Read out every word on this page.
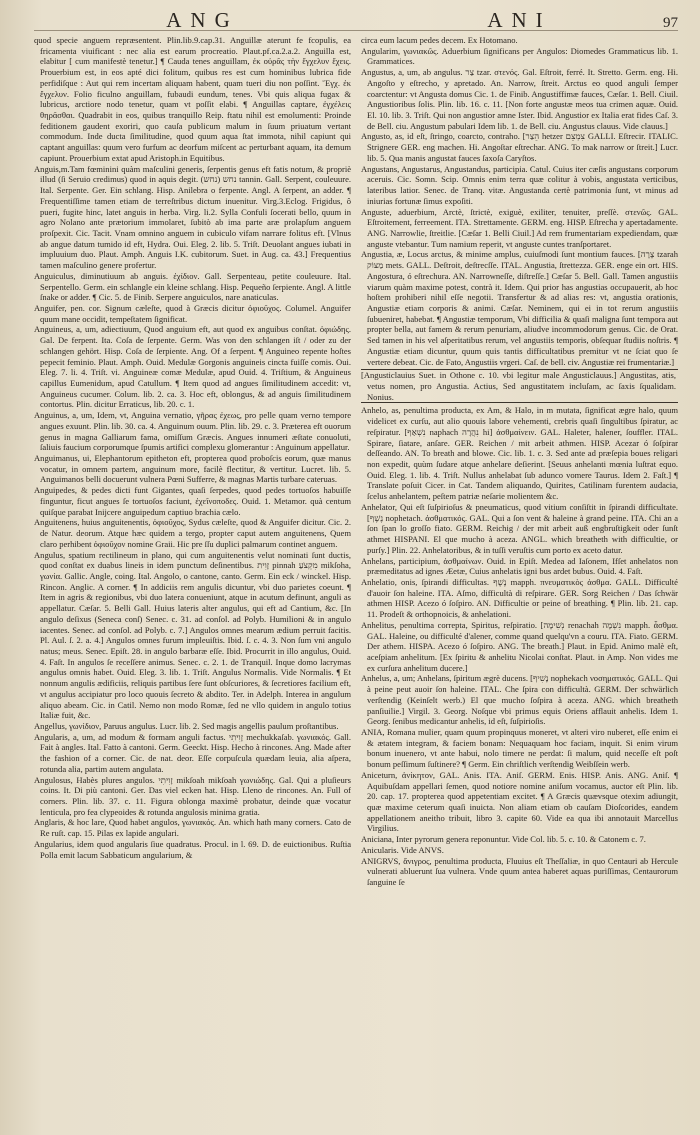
ANG	ANI	97

quod specie anguem repræsentent. Plin.lib.9.cap.31. Anguillæ aterunt fe fcopulis, ea fricamenta viuificant : nec alia est earum procreatio. Plaut.pf.ca.2.a.2. Anguilla est, elabitur [ cum manifestè tenetur.] ¶ Cauda tenes anguillam, ἐκ οὐρᾶς τὴν ἔγχελυν ἔχεις. Prouerbium est, in eos apté dici folitum, quibus res est cum hominibus lubrica fide perfidiſque : Aut qui rem incertam aliquam habent, quam tueri diu non poſſint. Ἔγχ. ἐκ ἔγχελυν. Folio ficulno anguillam, fubaudi eundum, tenes. Vbi quis aliqua fugax & lubricus, arctiore nodo tenetur, quam vt poſſit elabi. ¶ Anguillas captare, ἐγχέλεις θηρᾶσθαι. Quadrabit in eos, quibus tranquillo Reip. ftatu nihil est emolumenti: Proinde feditionem gaudent exoriri, quo cauſa publicum malum in ſuum priuatum vertant commodum. Inde ducta ſimilitudine, quod quum aqua ſtat immota, nihil capiunt qui captant anguillas: quum vero furfum ac deorfum miſcent ac perturbant aquam, ita demum capiunt. Prouerbium extat apud Aristoph.in Equitibus.

Anguis,m.Tam fœminini quàm maſculini generis, ſerpentis genus eft fatis notum, & propriè illud (ſi Seruio credimus) quod in aquis degit. נחש (נחש) tannin. Gall. Serpent, couleuure. Ital. Serpente. Ger. Ein schlang. Hisp. Anilebra o ferpente. Angl. A ſerpent, an adder. ¶ Frequentiſſime tamen etiam de terreſtribus dictum inuenitur. Virg.3.Eclog. Frigidus, ô pueri, fugite hinc, latet anguis in herba. Virg. li.2. Sylla Confuli ſocerati bello, quum in agro Nolano ante prætorium immolaret, ſubitò ab ima parte aræ prolapſum anguem proſpexit. Cic. Tacit. Vnam omnino anguem in cubiculo vifam narrare folitus eft. [Vlnus ab angue datum tumido id eft, Hydra. Oui. Eleg. 2. lib. 5. Triſt. Deuolant angues iubati in impluuium duo. Plaut. Amph. Anguis I.K. cubitorum. Suet. in Aug. ca. 43.] Frequentius tamen maſculino genere profertur.

Anguiculus, diminutiuum ab anguis. ἐχίδιον. Gall. Serpenteau, petite couleuure. Ital. Serpentello. Germ. ein schlangle ein kleine schlang. Hisp. Pequeño ſerpiente. Angl. A little ſnake or adder. ¶ Cic. 5. de Finib. Serpere anguiculos, nare anaticulas.

Anguifer, pen. cor. Signum cæleſte, quod à Græcis dicitur ὀφιοῦχος. Columel. Anguifer quum mane occidit, tempeſtatem ſignificat.

Anguineus, a, um, adiectiuum, Quod anguium eft, aut quod ex anguibus conſtat. ὀφιώδης. Gal. De ferpent. Ita. Coſa de ſerpente. Germ. Was von den schlangen iſt / oder zu der schlangen gehört. Hisp. Coſa de ſerpiente. Ang. Of a ſerpent. ¶ Anguineo repente hoſtes pepecit feminio. Plaut. Amph. Ouid. Medulæ Gorgonis anguineis cincta fuiſſe comis. Oui. Eleg. 7. li. 4. Triſt. vi. Anguineæ comæ Medulæ, apud Ouid. 4. Triſtium, & Anguineus capillus Eumenidum, apud Catullum. ¶ Item quod ad angues ſimilitudinem accedit: vt, Anguineus cucumer. Colum. lib. 2. ca. 3. Hoc eft, oblongus, & ad anguis ſimilitudinem contortus. Plin. dicitur Erraticus, lib. 20. c. 1.

Anguinus, a, um, Idem, vt, Anguina vernatio, γῆρας ἐχεως, pro pelle quam verno tempore angues exuunt. Plin. lib. 30. ca. 4. Anguinum ouum. Plin. lib. 29. c. 3. Præterea eft ouorum genus in magna Galliarum fama, omiſſum Græcis. Angues innumeri æſtate conuoluti, ſaliuis faucium corporumque ſpumis artifici complexu glomerantur : Anguinum appellatur.

Anguimanus, ui, Elephantorum epitheton eft, propterea quod proboſcis eorum, quæ manus vocatur, in omnem partem, anguinum more, facilè flectitur, & vertitur. Lucret. lib. 5. Anguimanos belli docuerunt vulnera Pœni Sufferre, & magnas Martis turbare cateruas.

Anguipedes, & pedes dicti funt Gigantes, quaſi ſerpedes, quod pedes tortuoſos habuiſſe finguntur, ficut angues ſe tortuoſos faciunt, ἐχεῖνοποδες. Ouid. 1. Metamor. quà centum quiſque parabat Inijcere anguipedum captiuo brachia cælo.

Anguitenens, huius anguitenentis, ὀφιοῦχος, Sydus cæleſte, quod & Anguifer dicitur. Cic. 2. de Natur. deorum. Atque hæc quidem a tergo, propter caput autem anguitenens, Quem claro perhibent ὀφιοῦχον nomine Graii. Hic pre ſſu duplici palmarum continet anguem.

Angulus, spatium rectilineum in plano, qui cum anguitenentis velut nominati ſunt ductis, quod conſtat ex duabus lineis in idem punctum deſinentibus. זָוִית pinnah מִקְצֹעַ mikſoha, γωνία. Gallic. Angle, coing. Ital. Angolo, o cantone, canto. Germ. Ein eck / winckel. Hisp. Rincon. Anglic. A corner. ¶ In addiciis rem angulis dicuntur, vbi duo parietes coeunt. ¶ Item in agris & regionibus, vbi duo latera conueniunt, atque in acutum definunt, anguli as appellatur. Cæſar. 5. Belli Gall. Huius lateris alter angulus, qui eft ad Cantium, &c. [In angulo deſixus (Seneca conſ) Senec. c. 31. ad conſol. ad Polyb. Humilioni & in angulo iacentes. Senec. ad conſol. ad Polyb. c. 7.] Angulos omnes mearum ædium perruit facitis. Pl. Aul. ſ. 2. a. 4.] Angulos omnes furum impleuiſtis. Ibid. ſ. c. 4. 3. Non ſum vni angulo natus; meus. Senec. Epiſt. 28. in angulo barbaræ eſſe. Ibid. Procurrit in illo angulus, Ouid. 4. Faſt. In angulos ſe receſſere animus. Senec. c. 2. 1. de Tranquil. Inque domo lacrymas angulus omnis habet. Ouid. Eleg. 3. lib. 1. Triſt. Angulus Normalis. Vide Normalis. ¶ Et nonnum angulis ædificiis, reliquis partibus ſere ſunt obſcuriores, & ſecretiores facilium eft, vt angulus accipiatur pro loco quouis ſecreto & abdito. Ter. in Adelph. Interea in angulum aliquo abeam. Cic. in Catil. Nemo non modo Romæ, ſed ne vllo quidem in angulo totius Italiæ fuit, &c.

Angellus, γωνίδιον, Paruus angulus. Lucr. lib. 2. Sed magis angellis paulum proſtantibus.

Angularis, a, um, ad modum & formam anguli factus. זָוִיתִי mechukkaſab. γωνιακός. Gall. Fait à angles. Ital. Fatto à cantoni. Germ. Geeckt. Hisp. Hecho à rincones. Ang. Made after the fashion of a corner. Cic. de nat. deor. Eſſe corpuſcula quædam leuia, alia aſpera, rotunda alia, partim autem angulata.

Angulosus, Habès plures angulos. זָוִיתִי mikſoah mikſoah γωνιώδης. Gal. Qui a pluſieurs coins. It. Di più cantoni. Ger. Das viel ecken hat. Hisp. Lleno de rincones. An. Full of corners. Plin. lib. 37. c. 11. Figura oblonga maximè probatur, deinde quæ vocatur lenticula, pro fea clypeoides & rotunda angulosis minima gratia.

Anglaris, & hoc lare, Quod habet angulos, γωνιακός. An. which hath many corners. Cato de Re ruſt. cap. 15. Pilas ex lapide angulari.

Angularius, idem quod angularis ſiue quadratus. Procul. in l. 69. D. de euictionibus. Ruſtia Polla emit lacum Sabbaticum angularium, &

circa eum lacum pedes decem. Ex Hotomano.

Angularim, γωνιακῶς. Aduerbium ſignificans per Angulos: Diomedes Grammaticus lib. 1. Grammatices.

Angustus, a, um, ab angulus. צַר tzar. στενός. Gal. Eſtroit, ferré. It. Stretto. Germ. eng. Hi. Angoſto y eſtrecho, y apretado. An. Narrow, ſtreit. Arctus eo quod anguli ſemper coarctentur: vt Angusta domus Cic. 1. de Finib. Angustiffimæ fauces, Cæſar. 1. Bell. Ciuil. Angustioribus ſolis. Plin. lib. 16. c. 11. [Non forte angustæ meos tua crimen aquæ. Ouid. El. 10. lib. 3. Triſt. Qui non angustior amne Ister. Ibid. Angustior ex Italia erat fides Caſ. 3. de Bell. ciu. Angustum pabulari Idem lib. 1. de Bell. ciu. Angustus clauus. Vide clauus.]

Angusto, as, id eſt, ſtringo, coarcto, contraho. [הֵצַר hetzer צִמְצֵם GALLI. Eſtrecir. ITALIC. Strignere GER. eng machen. Hi. Angoſtar eſtrechar. ANG. To mak narrow or ſtreit.] Lucr. lib. 5. Qua manis angustat fauces ſaxoſa Caryſtos.

Angustans, Angustarus, Angustandus, participia. Catul. Cuius iter cæſis angustans corporum aceruis. Cic. Somn. Scip. Omnis enim terra quæ colitur à vobis, angustata verticibus, lateribus latior. Senec. de Tranq. vitæ. Angustanda certè patrimonia ſunt, vt minus ad iniurias fortunæ ſimus expoſiti.

Anguste, aduerbium, Arctè, ſtrictè, exiguè, exiliter, tenuiter, preſſè. στενῶς. GAL. Eſtroitement, ferreement. ITA. Strettamente. GERM. eng. HISP. Eſtrecha y apertadamente. ANG. Narrowlie, ſtreitlie. [Cæſar 1. Belli Ciuil.] Ad rem frumentariam expediendam, quæ anguste vtebantur. Tum namium reperit, vt anguste cuntes tranſportaret.

Angustia, æ, Locus arctus, & minime amplus, cuiuſmodi ſunt montium fauces. [צָרָה tzarah מַצּוֹק mets. GALL. Deſtroit, deſtrecſſe. ITAL. Angustia, ſtrettezza. GER. enge ein ort. HIS. Angostura, ó eſtrechura. AN. Narrowneſſe, diſtreſſe.] Cæſar 5. Bell. Gall. Tamen angustiis viarum quàm maxime potest, contrà it. Idem. Qui prior has angustias occupauerit, ab hoc hoſtem prohiberi nihil eſſe negotii. Transfertur & ad alias res: vt, angustia orationis, Angustiæ etiam corporis & animi. Cæſar. Neminem, qui ei in tot rerum angustiis ſubueniret, habebat. ¶ Angustiæ temporum, Vbi difficilia & quaſi maligna ſunt tempora aut propter bella, aut famem & rerum penuriam, aliudve incommodorum genus. Cic. de Orat. Sed tamen in his vel aſperitatibus rerum, vel angustiis temporis, obſequar ſtudiis noſtris. ¶ Angustiæ etiam dicuntur, quum quis tantis difficultatibus premitur vt ne ſciat quo ſe vertere debeat. Cic. de Fato, Angustiis vrgeri. Caſ. de bell. civ. Angustiæ rei frumentariæ.]

[Angusticlauius Suet. in Othone c. 10. vbi legitur male Angusticlauus.] Angustitas, atis, vetus nomen, pro Angustia. Actius, Sed angustitatem incluſam, ac ſaxis ſqualidam. Nonius.

Anhelo, as, penultima producta, ex Am, & Halo, in m mutata, ſignificat ægre halo, quum videlicet ex curſu, aut alio quouis labore vehementi, crebris quaſi ſingultibus ſpiratur, ac reſpiratur. [נִשְׁאַף naphach נִהֲרָה hi] ἀσθμαίνειν. GAL. Haleter, halener, ſouffler. ITAL. Spirare, ſiatare, anſare. GER. Reichen / mit arbeit athmen. HISP. Acezar ó ſoſpirar deſſeando. AN. To breath and blowe. Cic. lib. 1. c. 3. Sed ante ad præſepia boues religari non expedit, quùm ſudare atque anhelare deſierint. [Seuus anhelanti mœnia luſtrat equo. Ouid. Eleg. 1. lib. 4. Triſt. Nullus anhelabat ſub adunco vomere Taurus. Idem 2. Faſt.] ¶ Translate poſuit Cicer. in Cat. Tandem aliquando, Quirites, Catilinam furentem audacia, ſcelus anhelantem, peſtem patriæ neſarie molientem &c.

Anhelator, Qui eſt ſuſpirioſus & pneumaticus, quod vitium conſiſtit in ſpirandi difficultate. [נֶשֶׁף nophetach. ἀσθματικός. GAL. Qui a ſon vent & haleine à grand peine. ITA. Chi an a ſon ſpan lo groſſo fiato. GERM. Reichig / der mit arbeit auß engbruſtigkeit oder ſunſt athmet HISPANI. El que mucho à aceza. ANGL. which breatheth with difficultie, or purſy.] Plin. 22. Anhelatoribus, & in tuſſi veruſtis cum porto ex aceto datur.

Anhelans, participium, ἀσθμαίνων. Ouid. in Epiſt. Medea ad Iaſonem, Ifſet anhelatos non præmeditatus ad ignes Æetæ, Cuius anhelatis igni bus ardet bubus. Ouid. 4. Faſt.

Anhelatio, onis, ſpirandi difficultas. נֶשֶׁף mapph. πνευματικὸς ἀσθμα. GALL. Difficulté d'auoir ſon haleine. ITA. Aſmo, difficultà di reſpirare. GER. Sorg Reichen / Das ſchwär athmen HISP. Acezo ó ſoſpiro. AN. Difficultie or peine of breathing. ¶ Plin. lib. 21. cap. 11. Prodeſt & orthopnoicis, & anhelationi.

Anhelitus, penultima correpta, Spiritus, reſpiratio. [נְשִׁימָה renachah נִשְׁמָה mapph. ἆσθμα. GAL. Haleine, ou difficulté d'alener, comme quand quelqu'vn a couru. ITA. Fiato. GERM. Der athem. HISPA. Acezo ó ſoſpiro. ANG. The breath.] Plaut. in Epid. Animo malè eſt, aceſpiam anhelitum. [Ex ſpiritu & anhelitu Nicolai conſtat. Plaut. in Amp. Non vides me ex curſura anhelitum ducere.]

Anhelus, a, um; Anhelans, ſpiritum ægrè ducens. [נָשִׁיף nophekach νοσηματικός. GALL. Qui à peine peut auoir ſon haleine. ITAL. Che ſpira con difficultà. GERM. Der schwärlich verſtendig (Keinſelt werb.) El que mucho ſoſpira à aceza. ANG. which breatheth panſiuilie.] Virgil. 3. Georg. Noſque vbi primus equis Oriens afflauit anhelis. Idem 1. Georg. ſenibus medicantur anhelis, id eſt, ſuſpirioſis.

ANIA, Romana mulier, quam quum propinquus moneret, vt alteri viro nuberet, eſſe enim ei & ætatem integram, & faciem bonam: Nequaquam hoc faciam, inquit. Si enim virum bonum inuenero, vt ante habui, nolo timere ne perdat: ſi malum, quid neceſſe eſt poſt bonum peſſimum ſuſtinere? ¶ Germ. Ein chriſtlich verſtendig Weibſſein werb.

Aniceturn, ἀνίκητον, GAL. Anis. ITA. Aniſ. GERM. Enis. HISP. Anis. ANG. Aniſ. ¶ Aquibuſdam appellari ſemen, quod notiore nomine aniſum vocamus, auctor eſt Plin. lib. 20. cap. 17. propterea quod appetentiam excitet. ¶ A Græcis quævsque otexim adiungit, quæ maxime ceterum quaſi inuicta. Non aliam etiam ob cauſam Dioſcorides, eandem appellationem aneitho tribuit, libro 3. capite 60. Vide ea qua ibi annotauit Marcellus Virgilius.

Aniciana, Inter pyrorum genera reponuntur. Vide Col. lib. 5. c. 10. & Catonem c. 7.

Anicularis. Vide ANVS.

ANIGRVS, ἄνιγρος, penultima producta, Fluuius eſt Theſſaliæ, in quo Centauri ab Hercule vulnerati abluerunt ſua vulnera. Vnde quum antea haberet aquas puriſſimas, Centaurorum ſanguine ſe
